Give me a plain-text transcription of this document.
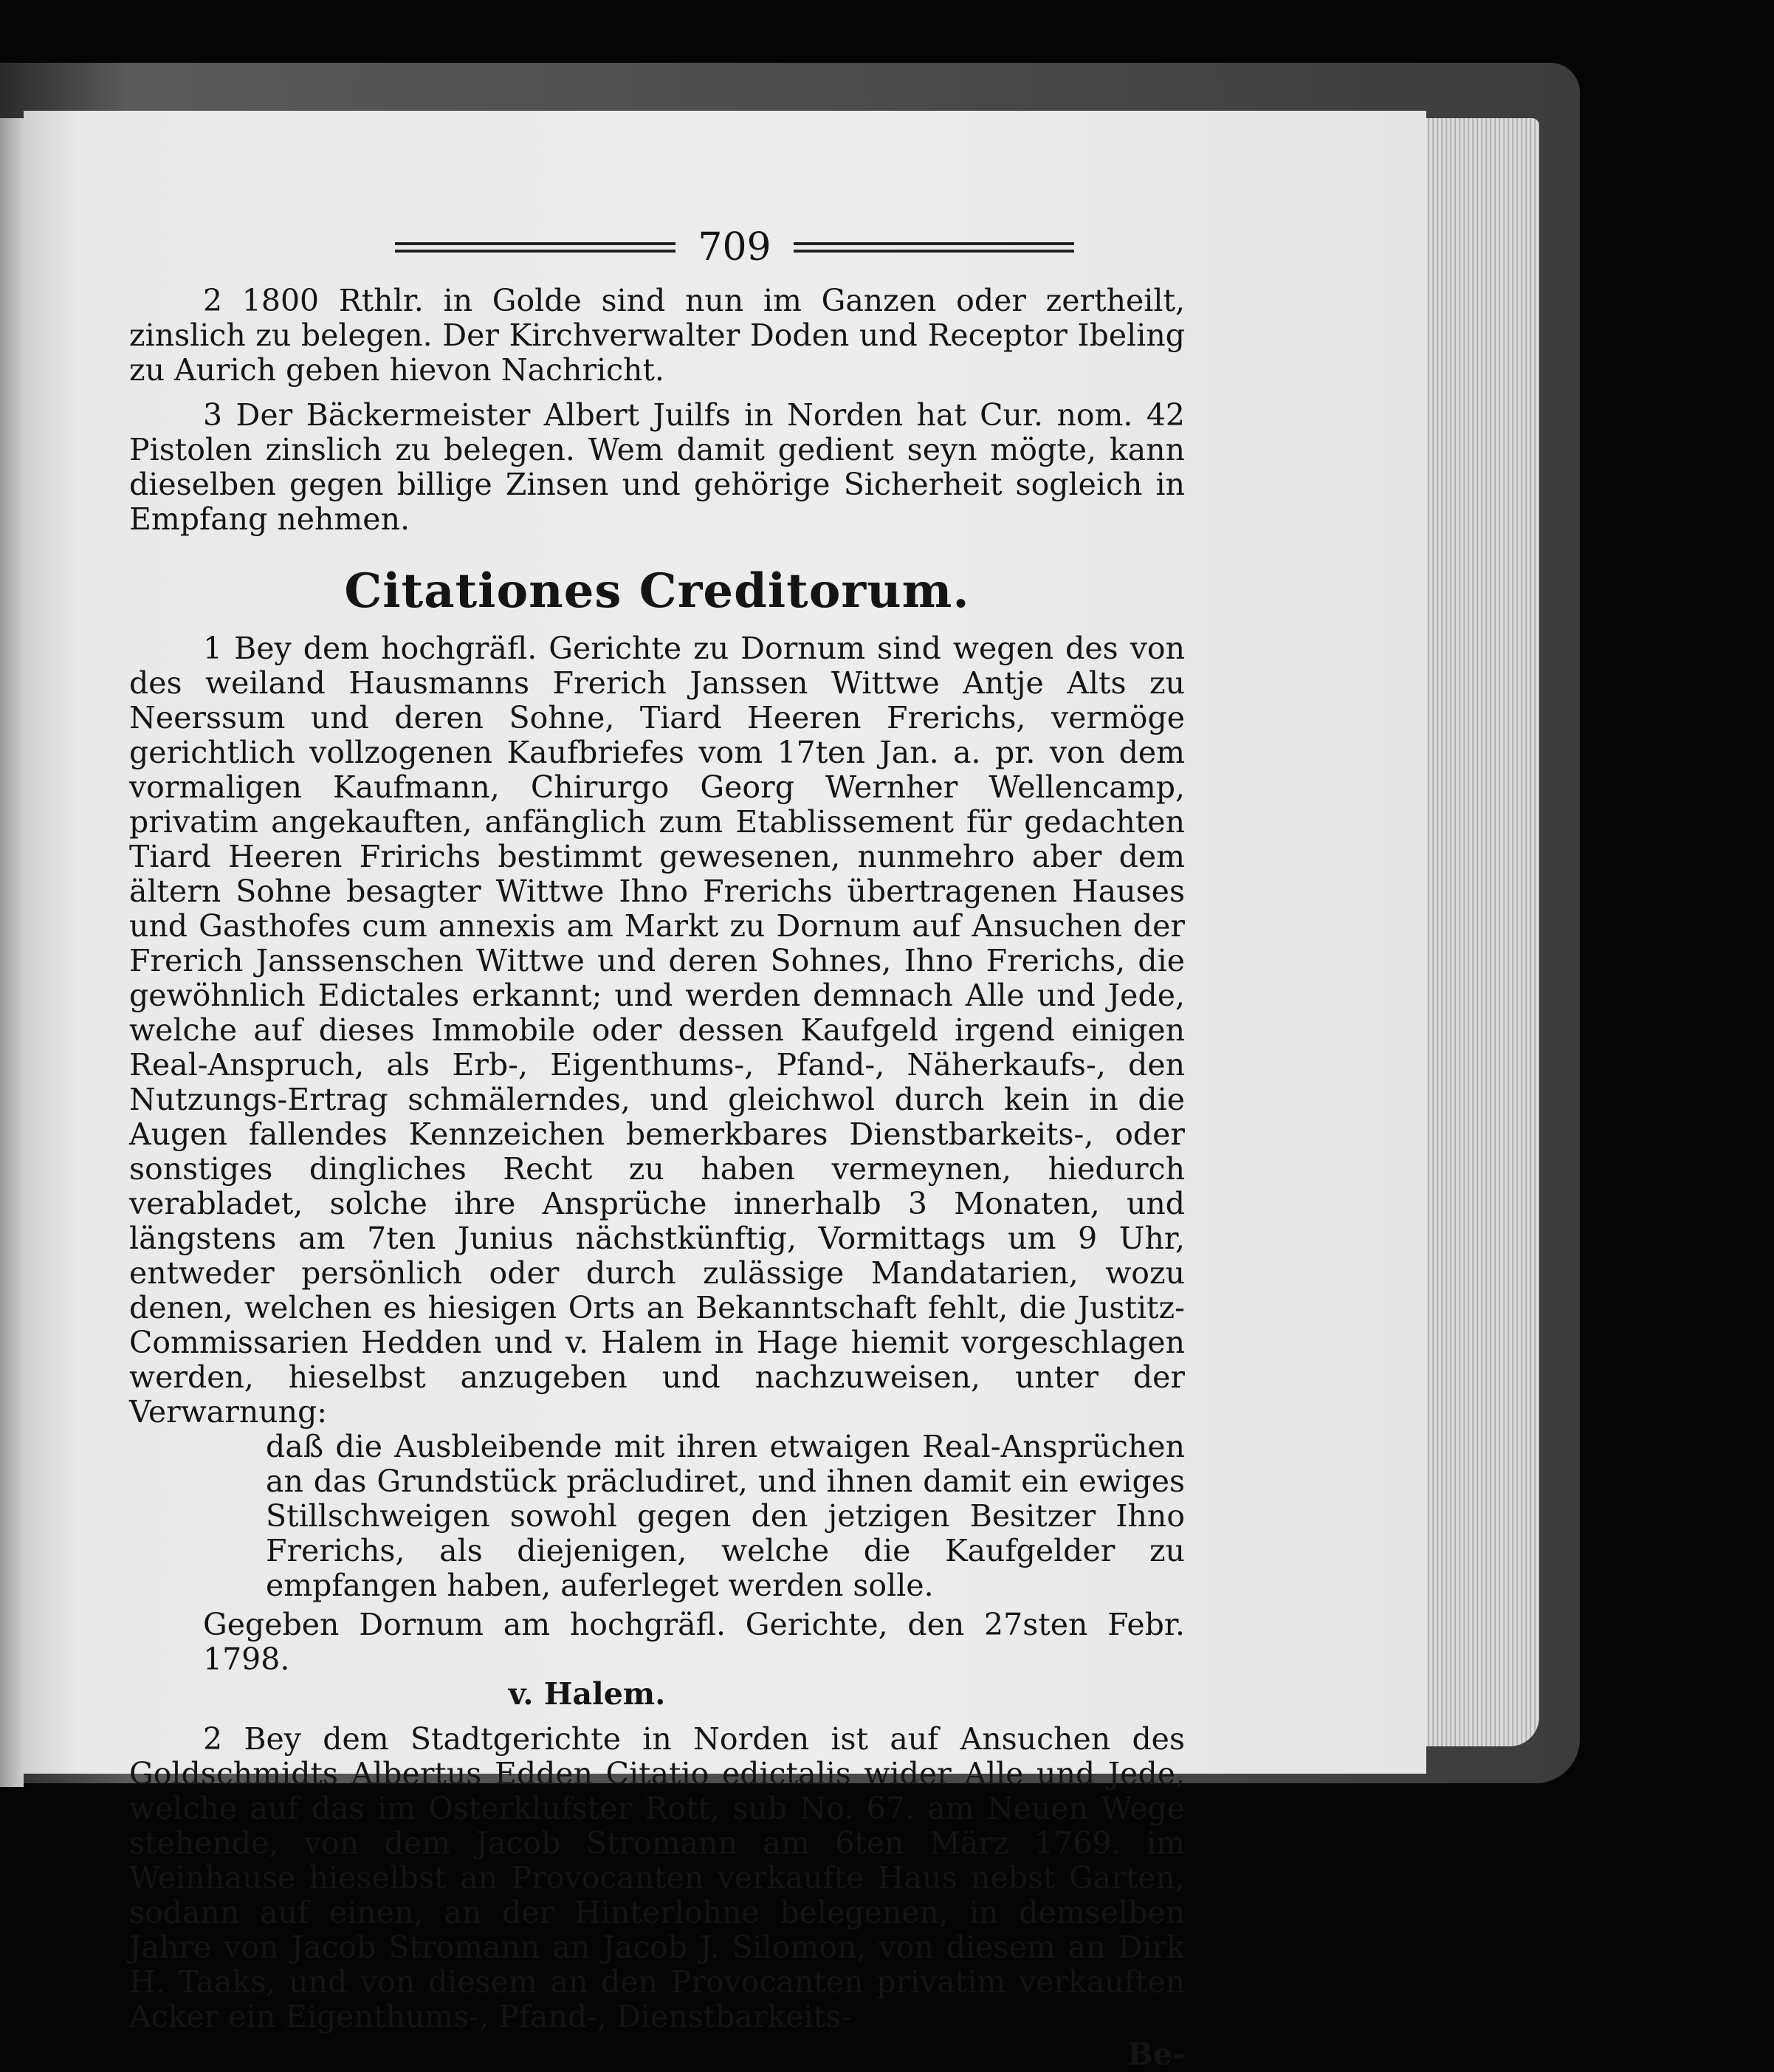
709

2 1800 Rthlr. in Golde sind nun im Ganzen oder zertheilt, zinslich zu belegen. Der Kirchverwalter Doden und Receptor Ibeling zu Aurich geben hievon Nachricht.

3 Der Bäckermeister Albert Juilfs in Norden hat Cur. nom. 42 Pistolen zinslich zu belegen. Wem damit gedient seyn mögte, kann dieselben gegen billige Zinsen und gehörige Sicherheit sogleich in Empfang nehmen.

Citationes Creditorum.

1 Bey dem hochgräfl. Gerichte zu Dornum sind wegen des von des weiland Hausmanns Frerich Janssen Wittwe Antje Alts zu Neerssum und deren Sohne, Tiard Heeren Frerichs, vermöge gerichtlich vollzogenen Kaufbriefes vom 17ten Jan. a. pr. von dem vormaligen Kaufmann, Chirurgo Georg Wernher Wellencamp, privatim angekauften, anfänglich zum Etablissement für gedachten Tiard Heeren Fririchs bestimmt gewesenen, nunmehro aber dem ältern Sohne besagter Wittwe Ihno Frerichs übertragenen Hauses und Gasthofes cum annexis am Markt zu Dornum auf Ansuchen der Frerich Janssenschen Wittwe und deren Sohnes, Ihno Frerichs, die gewöhnlich Edictales erkannt; und werden demnach Alle und Jede, welche auf dieses Immobile oder dessen Kaufgeld irgend einigen Real-Anspruch, als Erb-, Eigenthums-, Pfand-, Näherkaufs-, den Nutzungs-Ertrag schmälerndes, und gleichwol durch kein in die Augen fallendes Kennzeichen bemerkbares Dienstbarkeits-, oder sonstiges dingliches Recht zu haben vermeynen, hiedurch verabladet, solche ihre Ansprüche innerhalb 3 Monaten, und längstens am 7ten Junius nächstkünftig, Vormittags um 9 Uhr, entweder persönlich oder durch zulässige Mandatarien, wozu denen, welchen es hiesigen Orts an Bekanntschaft fehlt, die Justitz-Commissarien Hedden und v. Halem in Hage hiemit vorgeschlagen werden, hieselbst anzugeben und nachzuweisen, unter der Verwarnung:

daß die Ausbleibende mit ihren etwaigen Real-Ansprüchen an das Grundstück präcludiret, und ihnen damit ein ewiges Stillschweigen sowohl gegen den jetzigen Besitzer Ihno Frerichs, als diejenigen, welche die Kaufgelder zu empfangen haben, auferleget werden solle.

Gegeben Dornum am hochgräfl. Gerichte, den 27sten Febr. 1798.

v. Halem.

2 Bey dem Stadtgerichte in Norden ist auf Ansuchen des Goldschmidts Albertus Edden Citatio edictalis wider Alle und Jede, welche auf das im Osterklufster Rott, sub No. 67. am Neuen Wege stehende, von dem Jacob Stromann am 6ten März 1769. im Weinhause hieselbst an Provocanten verkaufte Haus nebst Garten, sodann auf einen, an der Hinterlohne belegenen, in demselben Jahre von Jacob Stromann an Jacob J. Silomon, von diesem an Dirk H. Taaks, und von diesem an den Provocanten privatim verkauften Acker ein Eigenthums-, Pfand-, Dienstbarkeits-

Be-
